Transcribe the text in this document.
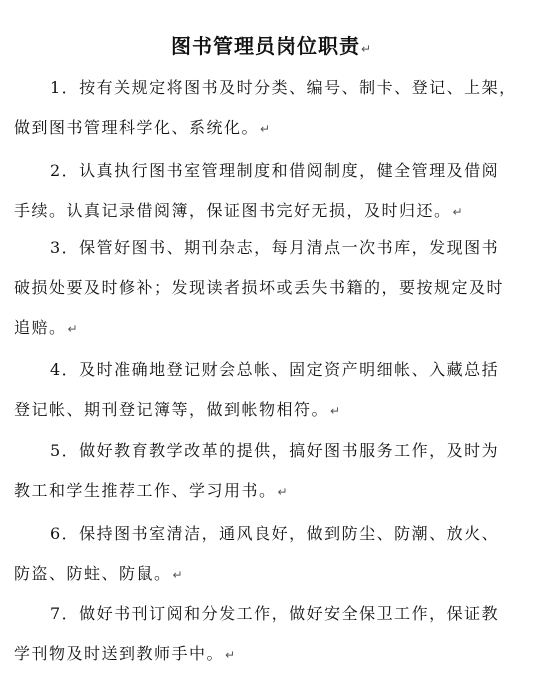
图书管理员岗位职责↵
1．按有关规定将图书及时分类、编号、制卡、登记、上架，
做到图书管理科学化、系统化。↵
2．认真执行图书室管理制度和借阅制度，健全管理及借阅
手续。认真记录借阅簿，保证图书完好无损，及时归还。↵
3．保管好图书、期刊杂志，每月清点一次书库，发现图书
破损处要及时修补；发现读者损坏或丢失书籍的，要按规定及时
追赔。↵
4．及时准确地登记财会总帐、固定资产明细帐、入藏总括
登记帐、期刊登记簿等，做到帐物相符。↵
5．做好教育教学改革的提供，搞好图书服务工作，及时为
教工和学生推荐工作、学习用书。↵
6．保持图书室清洁，通风良好，做到防尘、防潮、放火、
防盗、防蛀、防鼠。↵
7．做好书刊订阅和分发工作，做好安全保卫工作，保证教
学刊物及时送到教师手中。↵
